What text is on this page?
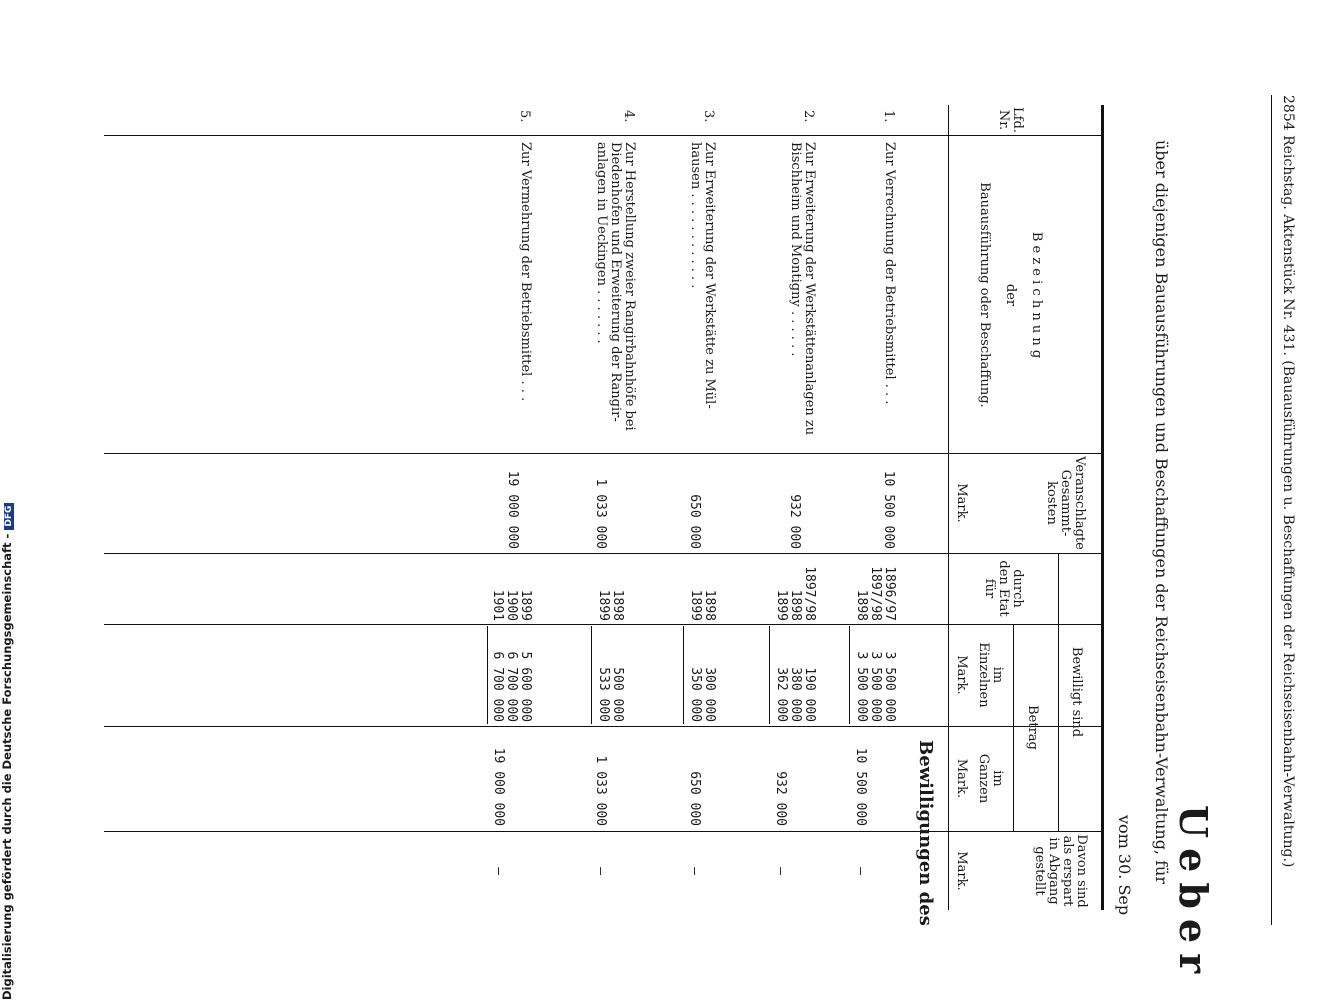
2854 Reichstag. Aktenstück Nr. 431. (Bauausführungen u. Beschaffungen der Reichseisenbahn-Verwaltung.)
Ueber
über diejenigen Bauausführungen und Beschaffungen der Reichseisenbahn-Verwaltung, für
vom 30. Sep
Lfd.
Nr.
B e z e i c h n u n g
der
Bauausführung oder Beschaffung.
Veranschlagte
Gesammt-
kosten
Mark.
Bewilligt sind
durch
den Etat
für
Betrag
im
Einzelnen
Mark.
im
Ganzen
Mark.
Davon sind
als erspart
in Abgang
gestellt
Mark.
Bewilligungen des
1.
Zur Verrechnung der Betriebsmittel . . .
10 500 000
1896/97
1897/98
1898
3 500 000
3 500 000
3 500 000
10 500 000
—
2.
Zur Erweiterung der Werkstättenanlagen zu
Bischheim und Montigny . . . . . .
932 000
1897/98
1898
1899
190 000
380 000
362 000
932 000
—
3.
Zur Erweiterung der Werkstätte zu Mül-
hausen . . . . . . . . . . . .
650 000
1898
1899
300 000
350 000
650 000
—
4.
Zur Herstellung zweier Rangirbahnhöfe bei
Diedenhofen und Erweiterung der Rangir-
anlagen in Ueckingen . . . . . . .
1 033 000
1898
1899
500 000
533 000
1 033 000
—
5.
Zur Vermehrung der Betriebsmittel . . .
19 000 000
1899
1900
1901
5 600 000
6 700 000
6 700 000
19 000 000
—
Digitalisierung gefördert durch die Deutsche Forschungsgemeinschaft -DFG
